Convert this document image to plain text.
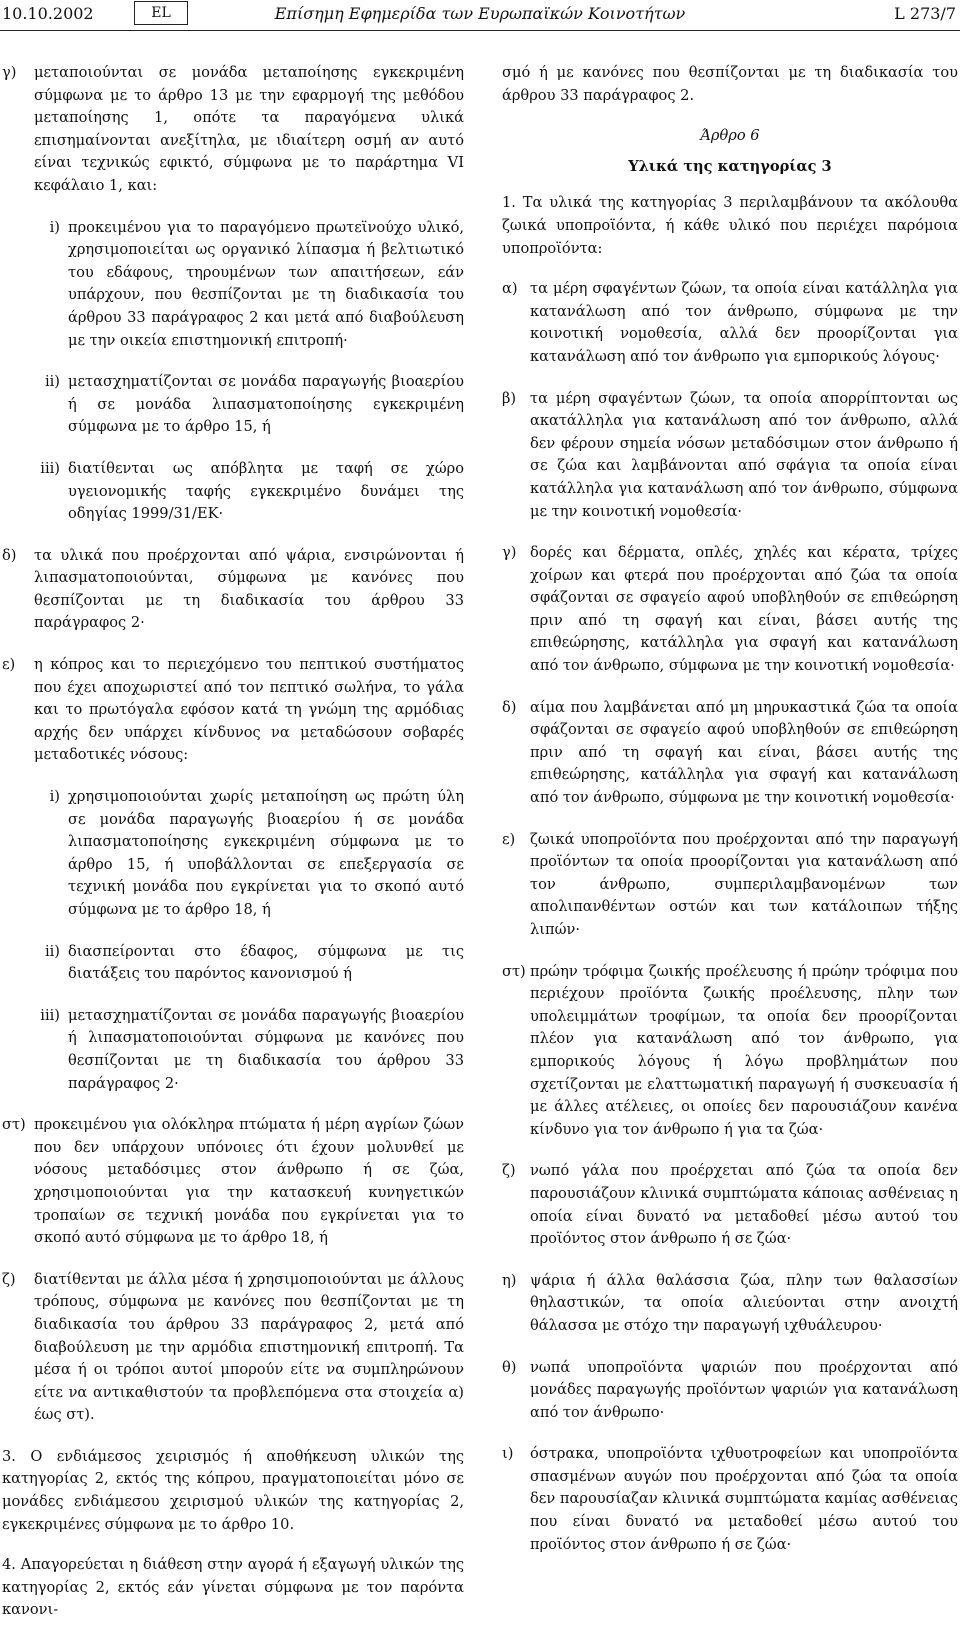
10.10.2002	EL	Επίσημη Εφημερίδα των Ευρωπαϊκών Κοινοτήτων	L 273/7
γ)	μεταποιούνται σε μονάδα μεταποίησης εγκεκριμένη σύμφωνα με το άρθρο 13 με την εφαρμογή της μεθόδου μεταποίησης 1, οπότε τα παραγόμενα υλικά επισημαίνονται ανεξίτηλα, με ιδιαίτερη οσμή αν αυτό είναι τεχνικώς εφικτό, σύμφωνα με το παράρτημα VI κεφάλαιο 1, και:
i) προκειμένου για το παραγόμενο πρωτεϊνούχο υλικό, χρησιμοποιείται ως οργανικό λίπασμα ή βελτιωτικό του εδάφους, τηρουμένων των απαιτήσεων, εάν υπάρχουν, που θεσπίζονται με τη διαδικασία του άρθρου 33 παράγραφος 2 και μετά από διαβούλευση με την οικεία επιστημονική επιτροπή·
ii) μετασχηματίζονται σε μονάδα παραγωγής βιοαερίου ή σε μονάδα λιπασματοποίησης εγκεκριμένη σύμφωνα με το άρθρο 15, ή
iii) διατίθενται ως απόβλητα με ταφή σε χώρο υγειονομικής ταφής εγκεκριμένο δυνάμει της οδηγίας 1999/31/ΕΚ·
δ)	τα υλικά που προέρχονται από ψάρια, ενσιρώνονται ή λιπασματοποιούνται, σύμφωνα με κανόνες που θεσπίζονται με τη διαδικασία του άρθρου 33 παράγραφος 2·
ε)	η κόπρος και το περιεχόμενο του πεπτικού συστήματος που έχει αποχωριστεί από τον πεπτικό σωλήνα, το γάλα και το πρωτόγαλα εφόσον κατά τη γνώμη της αρμόδιας αρχής δεν υπάρχει κίνδυνος να μεταδώσουν σοβαρές μεταδοτικές νόσους:
i) χρησιμοποιούνται χωρίς μεταποίηση ως πρώτη ύλη σε μονάδα παραγωγής βιοαερίου ή σε μονάδα λιπασματοποίησης εγκεκριμένη σύμφωνα με το άρθρο 15, ή υποβάλλονται σε επεξεργασία σε τεχνική μονάδα που εγκρίνεται για το σκοπό αυτό σύμφωνα με το άρθρο 18, ή
ii) διασπείρονται στο έδαφος, σύμφωνα με τις διατάξεις του παρόντος κανονισμού ή
iii) μετασχηματίζονται σε μονάδα παραγωγής βιοαερίου ή λιπασματοποιούνται σύμφωνα με κανόνες που θεσπίζονται με τη διαδικασία του άρθρου 33 παράγραφος 2·
στ) προκειμένου για ολόκληρα πτώματα ή μέρη αγρίων ζώων που δεν υπάρχουν υπόνοιες ότι έχουν μολυνθεί με νόσους μεταδόσιμες στον άνθρωπο ή σε ζώα, χρησιμοποιούνται για την κατασκευή κυνηγετικών τροπαίων σε τεχνική μονάδα που εγκρίνεται για το σκοπό αυτό σύμφωνα με το άρθρο 18, ή
ζ)	διατίθενται με άλλα μέσα ή χρησιμοποιούνται με άλλους τρόπους, σύμφωνα με κανόνες που θεσπίζονται με τη διαδικασία του άρθρου 33 παράγραφος 2, μετά από διαβούλευση με την αρμόδια επιστημονική επιτροπή. Τα μέσα ή οι τρόποι αυτοί μπορούν είτε να συμπληρώνουν είτε να αντικαθιστούν τα προβλεπόμενα στα στοιχεία α) έως στ).
3. Ο ενδιάμεσος χειρισμός ή αποθήκευση υλικών της κατηγορίας 2, εκτός της κόπρου, πραγματοποιείται μόνο σε μονάδες ενδιάμεσου χειρισμού υλικών της κατηγορίας 2, εγκεκριμένες σύμφωνα με το άρθρο 10.
4. Απαγορεύεται η διάθεση στην αγορά ή εξαγωγή υλικών της κατηγορίας 2, εκτός εάν γίνεται σύμφωνα με τον παρόντα κανονι-
σμό ή με κανόνες που θεσπίζονται με τη διαδικασία του άρθρου 33 παράγραφος 2.
Άρθρο 6
Υλικά της κατηγορίας 3
1. Τα υλικά της κατηγορίας 3 περιλαμβάνουν τα ακόλουθα ζωικά υποπροϊόντα, ή κάθε υλικό που περιέχει παρόμοια υποπροϊόντα:
α) τα μέρη σφαγέντων ζώων, τα οποία είναι κατάλληλα για κατανάλωση από τον άνθρωπο, σύμφωνα με την κοινοτική νομοθεσία, αλλά δεν προορίζονται για κατανάλωση από τον άνθρωπο για εμπορικούς λόγους·
β) τα μέρη σφαγέντων ζώων, τα οποία απορρίπτονται ως ακατάλληλα για κατανάλωση από τον άνθρωπο, αλλά δεν φέρουν σημεία νόσων μεταδόσιμων στον άνθρωπο ή σε ζώα και λαμβάνονται από σφάγια τα οποία είναι κατάλληλα για κατανάλωση από τον άνθρωπο, σύμφωνα με την κοινοτική νομοθεσία·
γ) δορές και δέρματα, οπλές, χηλές και κέρατα, τρίχες χοίρων και φτερά που προέρχονται από ζώα τα οποία σφάζονται σε σφαγείο αφού υποβληθούν σε επιθεώρηση πριν από τη σφαγή και είναι, βάσει αυτής της επιθεώρησης, κατάλληλα για σφαγή και κατανάλωση από τον άνθρωπο, σύμφωνα με την κοινοτική νομοθεσία·
δ) αίμα που λαμβάνεται από μη μηρυκαστικά ζώα τα οποία σφάζονται σε σφαγείο αφού υποβληθούν σε επιθεώρηση πριν από τη σφαγή και είναι, βάσει αυτής της επιθεώρησης, κατάλληλα για σφαγή και κατανάλωση από τον άνθρωπο, σύμφωνα με την κοινοτική νομοθεσία·
ε)	ζωικά υποπροϊόντα που προέρχονται από την παραγωγή προϊόντων τα οποία προορίζονται για κατανάλωση από τον άνθρωπο, συμπεριλαμβανομένων των απολιπανθέντων οστών και των κατάλοιπων τήξης λιπών·
στ) πρώην τρόφιμα ζωικής προέλευσης ή πρώην τρόφιμα που περιέχουν προϊόντα ζωικής προέλευσης, πλην των υπολειμμάτων τροφίμων, τα οποία δεν προορίζονται πλέον για κατανάλωση από τον άνθρωπο, για εμπορικούς λόγους ή λόγω προβλημάτων που σχετίζονται με ελαττωματική παραγωγή ή συσκευασία ή με άλλες ατέλειες, οι οποίες δεν παρουσιάζουν κανένα κίνδυνο για τον άνθρωπο ή για τα ζώα·
ζ) νωπό γάλα που προέρχεται από ζώα τα οποία δεν παρουσιάζουν κλινικά συμπτώματα κάποιας ασθένειας η οποία είναι δυνατό να μεταδοθεί μέσω αυτού του προϊόντος στον άνθρωπο ή σε ζώα·
η) ψάρια ή άλλα θαλάσσια ζώα, πλην των θαλασσίων θηλαστικών, τα οποία αλιεύονται στην ανοιχτή θάλασσα με στόχο την παραγωγή ιχθυάλευρου·
θ) νωπά υποπροϊόντα ψαριών που προέρχονται από μονάδες παραγωγής προϊόντων ψαριών για κατανάλωση από τον άνθρωπο·
ι)	όστρακα, υποπροϊόντα ιχθυοτροφείων και υποπροϊόντα σπασμένων αυγών που προέρχονται από ζώα τα οποία δεν παρουσίαζαν κλινικά συμπτώματα καμίας ασθένειας που είναι δυνατό να μεταδοθεί μέσω αυτού του προϊόντος στον άνθρωπο ή σε ζώα·
